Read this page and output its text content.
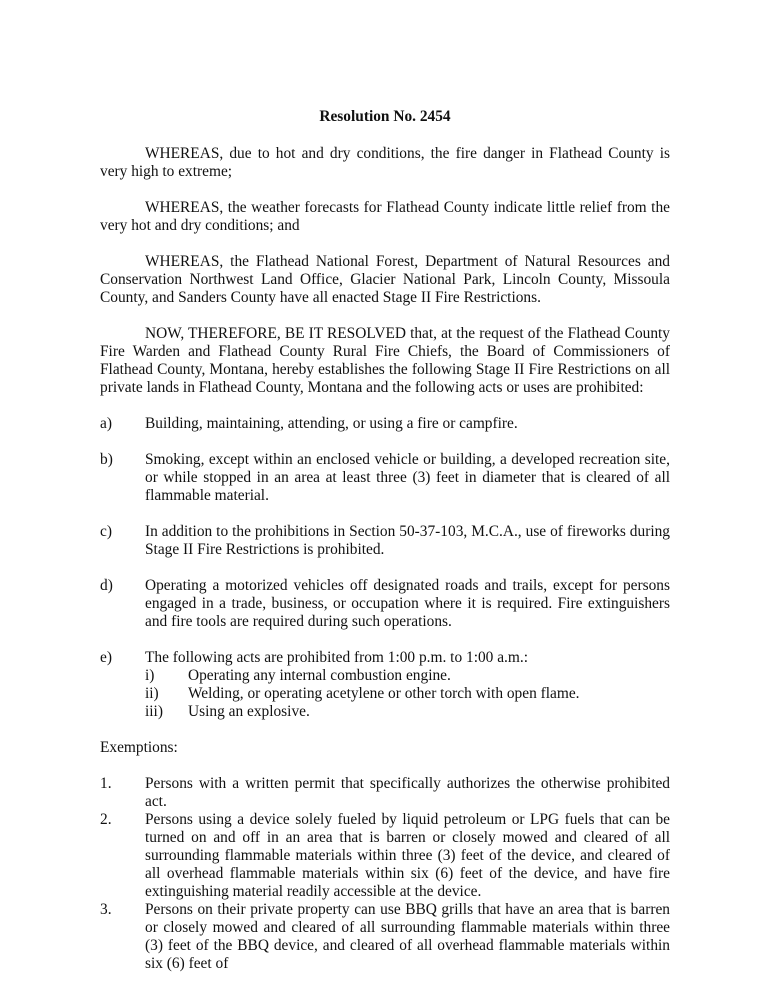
Resolution No. 2454

WHEREAS, due to hot and dry conditions, the fire danger in Flathead County is very high to extreme;

WHEREAS, the weather forecasts for Flathead County indicate little relief from the very hot and dry conditions; and

WHEREAS, the Flathead National Forest, Department of Natural Resources and Conservation Northwest Land Office, Glacier National Park, Lincoln County, Missoula County, and Sanders County have all enacted Stage II Fire Restrictions.

NOW, THEREFORE, BE IT RESOLVED that, at the request of the Flathead County Fire Warden and Flathead County Rural Fire Chiefs, the Board of Commissioners of Flathead County, Montana, hereby establishes the following Stage II Fire Restrictions on all private lands in Flathead County, Montana and the following acts or uses are prohibited:

a) Building, maintaining, attending, or using a fire or campfire.
b) Smoking, except within an enclosed vehicle or building, a developed recreation site, or while stopped in an area at least three (3) feet in diameter that is cleared of all flammable material.
c) In addition to the prohibitions in Section 50-37-103, M.C.A., use of fireworks during Stage II Fire Restrictions is prohibited.
d) Operating a motorized vehicles off designated roads and trails, except for persons engaged in a trade, business, or occupation where it is required. Fire extinguishers and fire tools are required during such operations.
e) The following acts are prohibited from 1:00 p.m. to 1:00 a.m.:
i) Operating any internal combustion engine.
ii) Welding, or operating acetylene or other torch with open flame.
iii) Using an explosive.
Exemptions:
1. Persons with a written permit that specifically authorizes the otherwise prohibited act.
2. Persons using a device solely fueled by liquid petroleum or LPG fuels that can be turned on and off in an area that is barren or closely mowed and cleared of all surrounding flammable materials within three (3) feet of the device, and cleared of all overhead flammable materials within six (6) feet of the device, and have fire extinguishing material readily accessible at the device.
3. Persons on their private property can use BBQ grills that have an area that is barren or closely mowed and cleared of all surrounding flammable materials within three (3) feet of the BBQ device, and cleared of all overhead flammable materials within six (6) feet of
